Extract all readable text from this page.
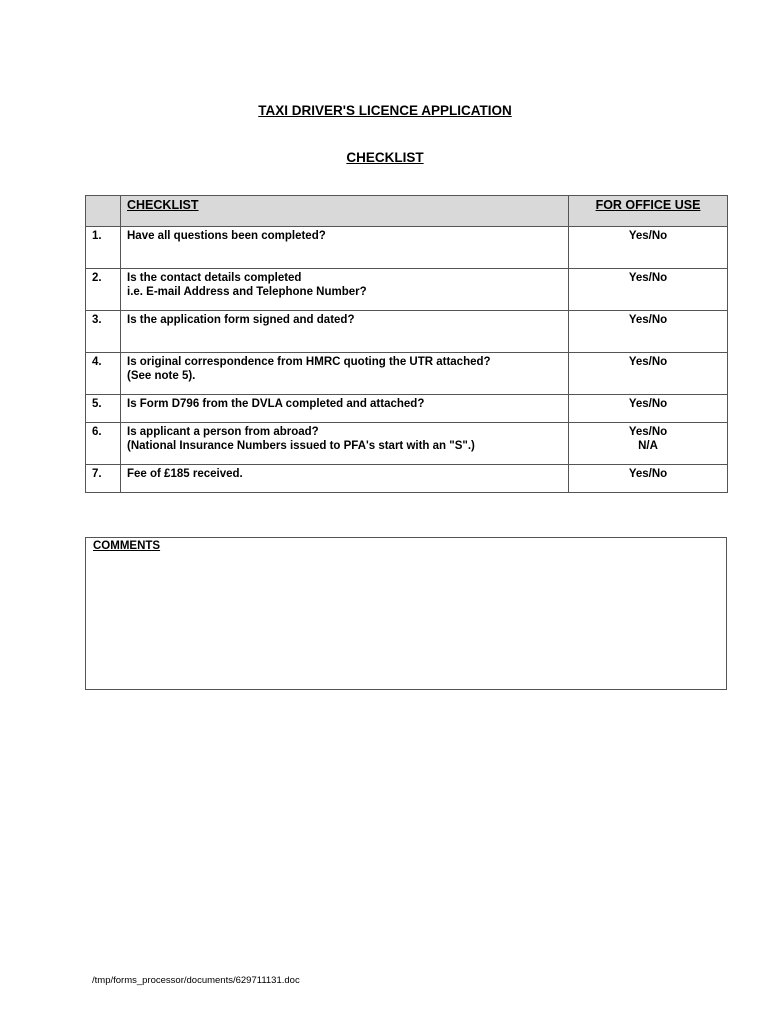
TAXI DRIVER'S LICENCE APPLICATION
CHECKLIST
	CHECKLIST	FOR OFFICE USE
1.	Have all questions been completed?	Yes/No

2.	Is the contact details completed
i.e. E-mail Address and Telephone Number?	Yes/No

3.	Is the application form signed and dated?	Yes/No

4.	Is original correspondence from HMRC quoting the UTR attached?
(See note 5).	Yes/No

5.	Is Form D796 from the DVLA completed and attached?	Yes/No

6.	Is applicant a person from abroad?
(National Insurance Numbers issued to PFA's start with an "S".)	Yes/No
N/A

7.	Fee of £185 received.	Yes/No
COMMENTS
/tmp/forms_processor/documents/629711131.doc
